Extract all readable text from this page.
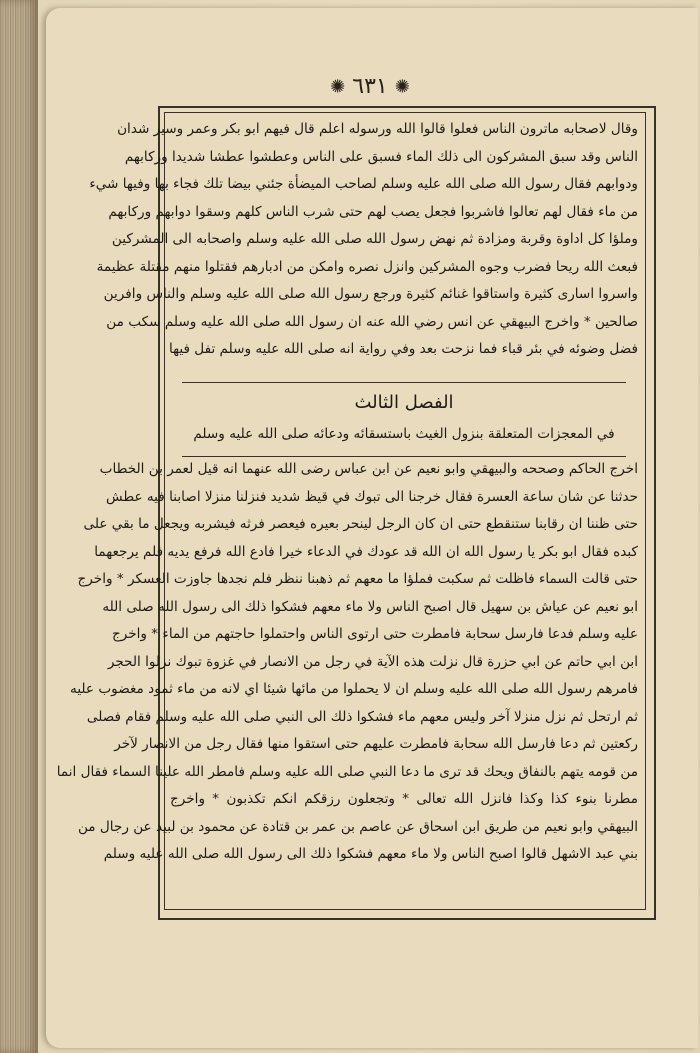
✺ ٦٣١ ✺
وقال لاصحابه ماترون الناس فعلوا قالوا الله ورسوله اعلم قال فيهم ابو بكر وعمر وسير شدان
الناس وقد سبق المشركون الى ذلك الماء فسبق على الناس وعطشوا عطشا شديدا وركابهم
ودوابهم فقال رسول الله صلى الله عليه وسلم لصاحب الميضأة جئني بيضا تلك فجاء بها وفيها شيء
من ماء فقال لهم تعالوا فاشربوا فجعل يصب لهم حتى شرب الناس كلهم وسقوا دوابهم وركابهم
وملؤا كل اداوة وقربة ومزادة ثم نهض رسول الله صلى الله عليه وسلم واصحابه الى المشركين
فبعث الله ريحا فضرب وجوه المشركين وانزل نصره وامكن من ادبارهم فقتلوا منهم مقتلة عظيمة
واسروا اسارى كثيرة واستاقوا غنائم كثيرة ورجع رسول الله صلى الله عليه وسلم والناس وافرين
صالحين * واخرج البيهقي عن انس رضي الله عنه ان رسول الله صلى الله عليه وسلم سكب من
فضل وضوئه في بئر قباء فما نزحت بعد وفي رواية انه صلى الله عليه وسلم تفل فيها
الفصل الثالث
في المعجزات المتعلقة بنزول الغيث باستسقائه ودعائه صلى الله عليه وسلم
اخرج الحاكم وصححه والبيهقي وابو نعيم عن ابن عباس رضى الله عنهما انه قيل لعمر بن الخطاب
حدثنا عن شان ساعة العسرة فقال خرجنا الى تبوك في قيظ شديد فنزلنا منزلا اصابنا فيه عطش
حتى ظننا ان رقابنا ستنقطع حتى ان كان الرجل لينحر بعيره فيعصر فرثه فيشربه ويجعل ما بقي على
كبده فقال ابو بكر يا رسول الله ان الله قد عودك في الدعاء خيرا فادع الله فرفع يديه فلم يرجعهما
حتى قالت السماء فاظلت ثم سكبت فملؤا ما معهم ثم ذهبنا ننظر فلم نجدها جاوزت العسكر * واخرج
ابو نعيم عن عياش بن سهيل قال اصبح الناس ولا ماء معهم فشكوا ذلك الى رسول الله صلى الله
عليه وسلم فدعا فارسل سحابة فامطرت حتى ارتوى الناس واحتملوا حاجتهم من الماء * واخرج
ابن ابي حاتم عن ابي حزرة قال نزلت هذه الآية في رجل من الانصار في غزوة تبوك نزلوا الحجر
فامرهم رسول الله صلى الله عليه وسلم ان لا يحملوا من مائها شيئا اي لانه من ماء ثمود مغضوب عليه
ثم ارتحل ثم نزل منزلا آخر وليس معهم ماء فشكوا ذلك الى النبي صلى الله عليه وسلم فقام فصلى
ركعتين ثم دعا فارسل الله سحابة فامطرت عليهم حتى استقوا منها فقال رجل من الانصار لآخر
من قومه يتهم بالنفاق ويحك قد ترى ما دعا النبي صلى الله عليه وسلم فامطر الله علينا السماء فقال انما
مطرنا بنوء كذا وكذا فانزل الله تعالى * وتجعلون رزقكم انكم تكذبون * واخرج
البيهقي وابو نعيم من طريق ابن اسحاق عن عاصم بن عمر بن قتادة عن محمود بن لبيد عن رجال من
بني عبد الاشهل قالوا اصبح الناس ولا ماء معهم فشكوا ذلك الى رسول الله صلى الله عليه وسلم
